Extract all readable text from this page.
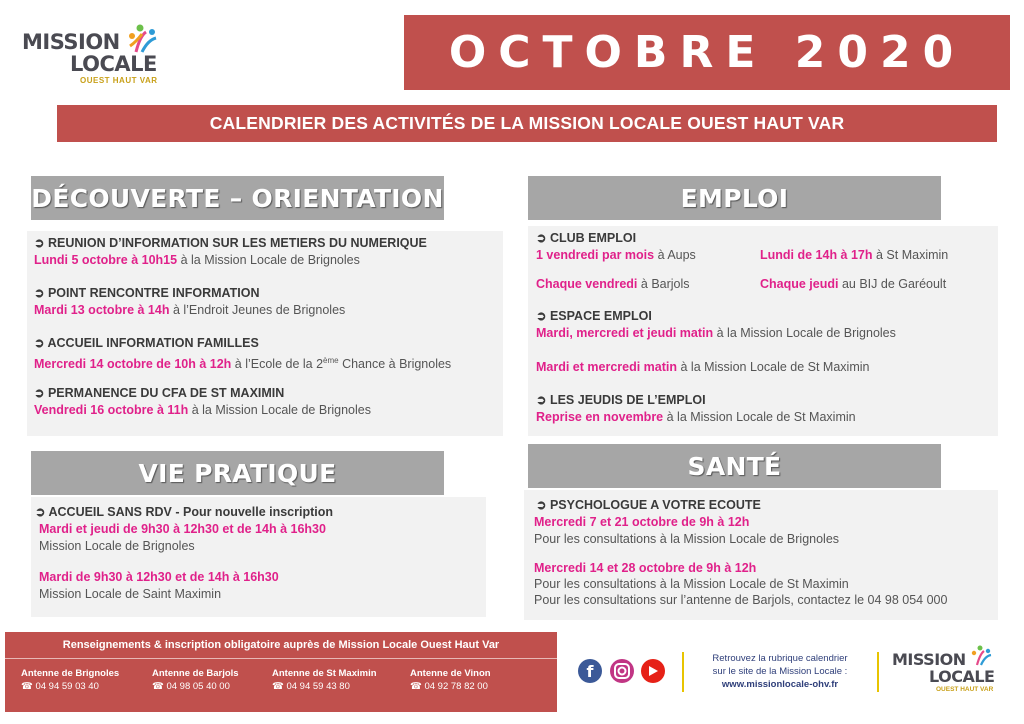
MISSION
LOCALE
OUEST HAUT VAR
OCTOBRE 2020
CALENDRIER DES ACTIVITÉS DE LA MISSION LOCALE OUEST HAUT VAR
DÉCOUVERTE – ORIENTATION
➲ REUNION D’INFORMATION SUR LES METIERS DU NUMERIQUE
Lundi 5 octobre à 10h15 à la Mission Locale de Brignoles
➲ POINT RENCONTRE INFORMATION
Mardi 13 octobre à 14h à l’Endroit Jeunes de Brignoles
➲ ACCUEIL INFORMATION FAMILLES
Mercredi 14 octobre de 10h à 12h à l’Ecole de la 2ème Chance à Brignoles
➲ PERMANENCE DU CFA DE ST MAXIMIN
Vendredi 16 octobre à 11h à la Mission Locale de Brignoles
EMPLOI
➲ CLUB EMPLOI
1 vendredi par mois à Aups	Lundi de 14h à 17h à St Maximin
Chaque vendredi à Barjols	Chaque jeudi au BIJ de Garéoult
➲ ESPACE EMPLOI
Mardi, mercredi et jeudi matin à la Mission Locale de Brignoles
Mardi et mercredi matin à la Mission Locale de St Maximin
➲ LES JEUDIS DE L’EMPLOI
Reprise en novembre à la Mission Locale de St Maximin
VIE PRATIQUE
➲ ACCUEIL SANS RDV - Pour nouvelle inscription
Mardi et jeudi de 9h30 à 12h30 et de 14h à 16h30
Mission Locale de Brignoles
Mardi de 9h30 à 12h30 et de 14h à 16h30
Mission Locale de Saint Maximin
SANTÉ
➲ PSYCHOLOGUE A VOTRE ECOUTE
Mercredi 7 et 21 octobre de 9h à 12h
Pour les consultations à la Mission Locale de Brignoles
Mercredi 14 et 28 octobre de 9h à 12h
Pour les consultations à la Mission Locale de St Maximin
Pour les consultations sur l’antenne de Barjols, contactez le 04 98 054 000
Renseignements & inscription obligatoire auprès de Mission Locale Ouest Haut Var
Antenne de Brignoles
☎ 04 94 59 03 40
Antenne de Barjols
☎ 04 98 05 40 00
Antenne de St Maximin
☎ 04 94 59 43 80
Antenne de Vinon
☎ 04 92 78 82 00
f
Retrouvez la rubrique calendrier
sur le site de la Mission Locale :
www.missionlocale-ohv.fr
MISSION
LOCALE
OUEST HAUT VAR
